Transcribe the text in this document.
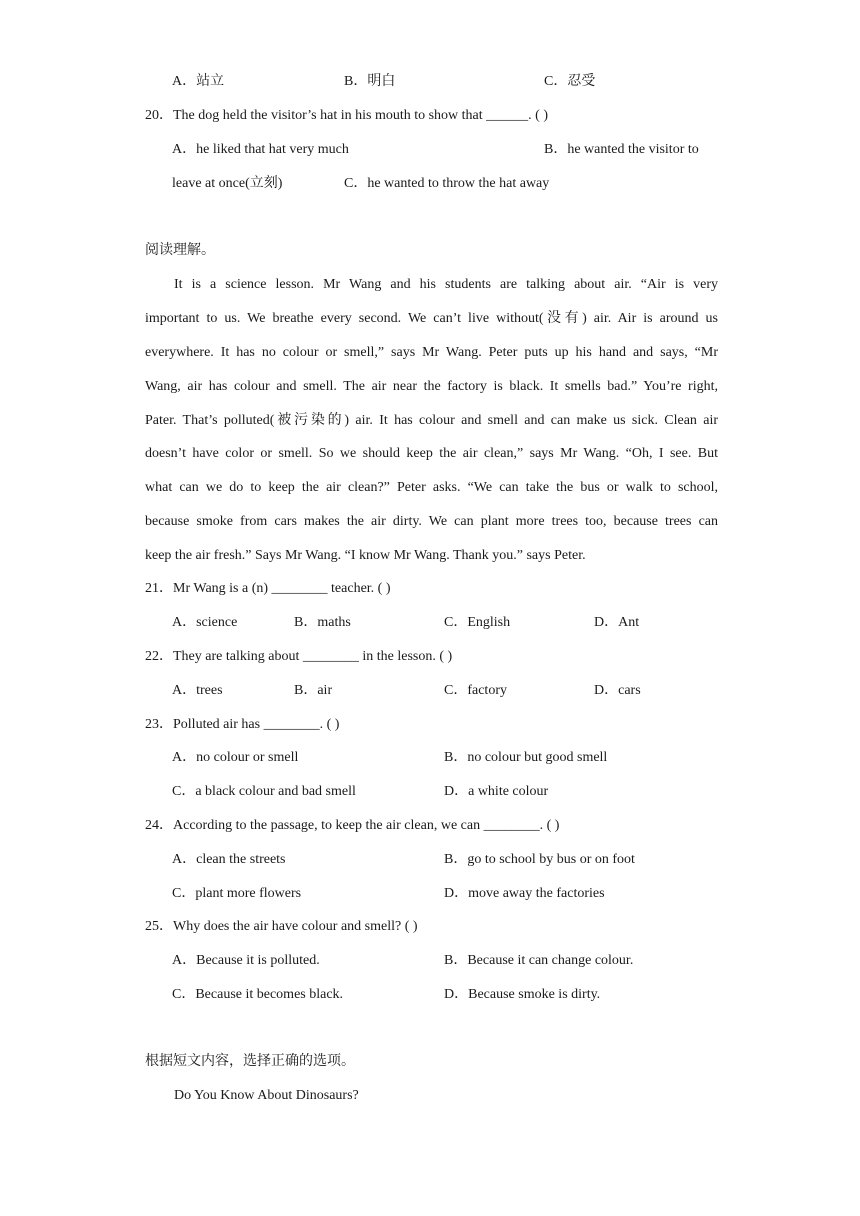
A．站立	B．明白	C．忍受
20．The dog held the visitor’s hat in his mouth to show that ______. ( )
A．he liked that hat very much	B．he wanted the visitor to
leave at once(立刻)	C．he wanted to throw the hat away
阅读理解。
It is a science lesson. Mr Wang and his students are talking about air. “Air is very
important to us. We breathe every second. We can’t live without(没有) air. Air is around us
everywhere. It has no colour or smell,” says Mr Wang. Peter puts up his hand and says, “Mr
Wang, air has colour and smell. The air near the factory is black. It smells bad.” You’re right,
Pater. That’s polluted(被污染的) air. It has colour and smell and can make us sick. Clean air
doesn’t have color or smell. So we should keep the air clean,” says Mr Wang. “Oh, I see. But
what can we do to keep the air clean?” Peter asks. “We can take the bus or walk to school,
because smoke from cars makes the air dirty. We can plant more trees too, because trees can
keep the air fresh.” Says Mr Wang. “I know Mr Wang. Thank you.” says Peter.
21．Mr Wang is a (n) ________ teacher. ( )
A．science	B．maths	C．English	D．Ant
22．They are talking about ________ in the lesson. ( )
A．trees	B．air	C．factory	D．cars
23．Polluted air has ________. ( )
A．no colour or smell	B．no colour but good smell
C．a black colour and bad smell	D．a white colour
24．According to the passage, to keep the air clean, we can ________. ( )
A．clean the streets	B．go to school by bus or on foot
C．plant more flowers	D．move away the factories
25．Why does the air have colour and smell? ( )
A．Because it is polluted.	B．Because it can change colour.
C．Because it becomes black.	D．Because smoke is dirty.
根据短文内容，选择正确的选项。
Do You Know About Dinosaurs?
